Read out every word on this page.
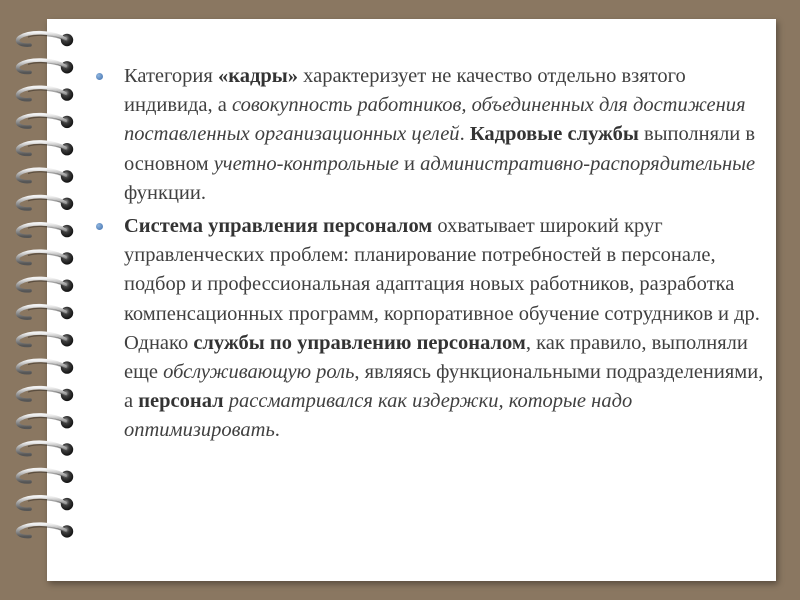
Категория «кадры» характеризует не качество отдельно взятого индивида, а совокупность работников, объединенных для достижения поставленных организационных целей. Кадровые службы выполняли в основном учетно-контрольные и административно-распорядительные функции.
Система управления персоналом охватывает широкий круг управленческих проблем: планирование потребностей в персонале, подбор и профессиональная адаптация новых работников, разработка компенсационных программ, корпоративное обучение сотрудников и др. Однако службы по управлению персоналом, как правило, выполняли еще обслуживающую роль, являясь функциональными подразделениями, а персонал рассматривался как издержки, которые надо оптимизировать.
